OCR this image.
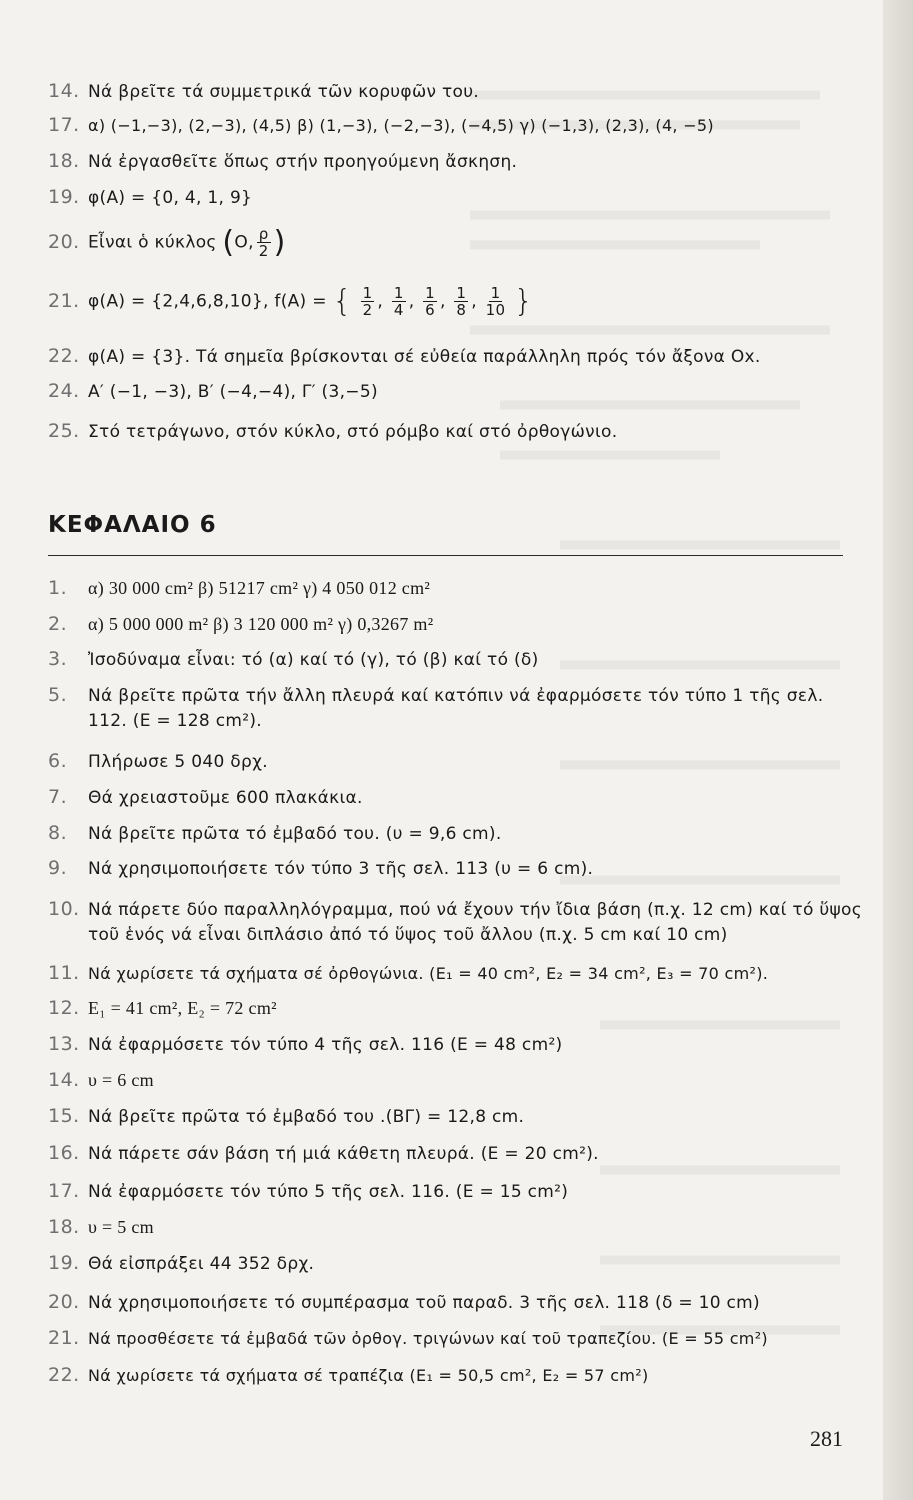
14. Νά βρεῖτε τά συμμετρικά τῶν κορυφῶν του.
17. α) (−1,−3), (2,−3), (4,5) β) (1,−3), (−2,−3), (−4,5) γ) (−1,3), (2,3), (4, −5)
18. Νά ἐργασθεῖτε ὅπως στήν προηγούμενη ἄσκηση.
19. φ(A) = {0, 4, 1, 9}
20. Εἶναι ὁ κύκλος (O, $\frac{\rho}{2}$ )
21. φ(A) = {2,4,6,8,10}, f(A) = { $\frac{1}{2}$ , $\frac{1}{4}$ , $\frac{1}{6}$ , $\frac{1}{8}$ , $\frac{1}{10}$ }
22. φ(A) = {3}. Τά σημεῖα βρίσκονται σέ εὐθεία παράλληλη πρός τόν ἄξονα Ox.
24. A′ (−1, −3), B′ (−4,−4), Γ′ (3,−5)
25. Στό τετράγωνο, στόν κύκλο, στό ρόμβο καί στό ὀρθογώνιο.
ΚΕΦΑΛΑΙΟ 6
1.	α) 30 000 cm² β) 51217 cm² γ) 4 050 012 cm²
2.	α) 5 000 000 m² β) 3 120 000 m² γ) 0,3267 m²
3.	Ἰσοδύναμα εἶναι: τό (α) καί τό (γ), τό (β) καί τό (δ)
5.	Νά βρεῖτε πρῶτα τήν ἄλλη πλευρά καί κατόπιν νά ἐφαρμόσετε τόν τύπο 1 τῆς σελ. 112. (E = 128 cm²).
6.	Πλήρωσε 5 040 δρχ.
7.	Θά χρειαστοῦμε 600 πλακάκια.
8.	Νά βρεῖτε πρῶτα τό ἐμβαδό του. (υ = 9,6 cm).
9.	Νά χρησιμοποιήσετε τόν τύπο 3 τῆς σελ. 113 (υ = 6 cm).
10. Νά πάρετε δύο παραλληλόγραμμα, πού νά ἔχουν τήν ἴδια βάση (π.χ. 12 cm) καί τό ὕψος τοῦ ἑνός νά εἶναι διπλάσιο ἀπό τό ὕψος τοῦ ἄλλου (π.χ. 5 cm καί 10 cm)
11. Νά χωρίσετε τά σχήματα σέ ὀρθογώνια. (E₁ = 40 cm², E₂ = 34 cm², E₃ = 70 cm²).
12. E₁ = 41 cm², E₂ = 72 cm²
13. Νά ἐφαρμόσετε τόν τύπο 4 τῆς σελ. 116 (E = 48 cm²)
14. υ = 6 cm
15. Νά βρεῖτε πρῶτα τό ἐμβαδό του .(ΒΓ) = 12,8 cm.
16. Νά πάρετε σάν βάση τή μιά κάθετη πλευρά. (E = 20 cm²).
17. Νά ἐφαρμόσετε τόν τύπο 5 τῆς σελ. 116. (E = 15 cm²)
18. υ = 5 cm
19. Θά εἰσπράξει 44 352 δρχ.
20. Νά χρησιμοποιήσετε τό συμπέρασμα τοῦ παραδ. 3 τῆς σελ. 118 (δ = 10 cm)
21. Νά προσθέσετε τά ἐμβαδά τῶν ὀρθογ. τριγώνων καί τοῦ τραπεζίου. (E = 55 cm²)
22. Νά χωρίσετε τά σχήματα σέ τραπέζια (E₁ = 50,5 cm², E₂ = 57 cm²)
281
